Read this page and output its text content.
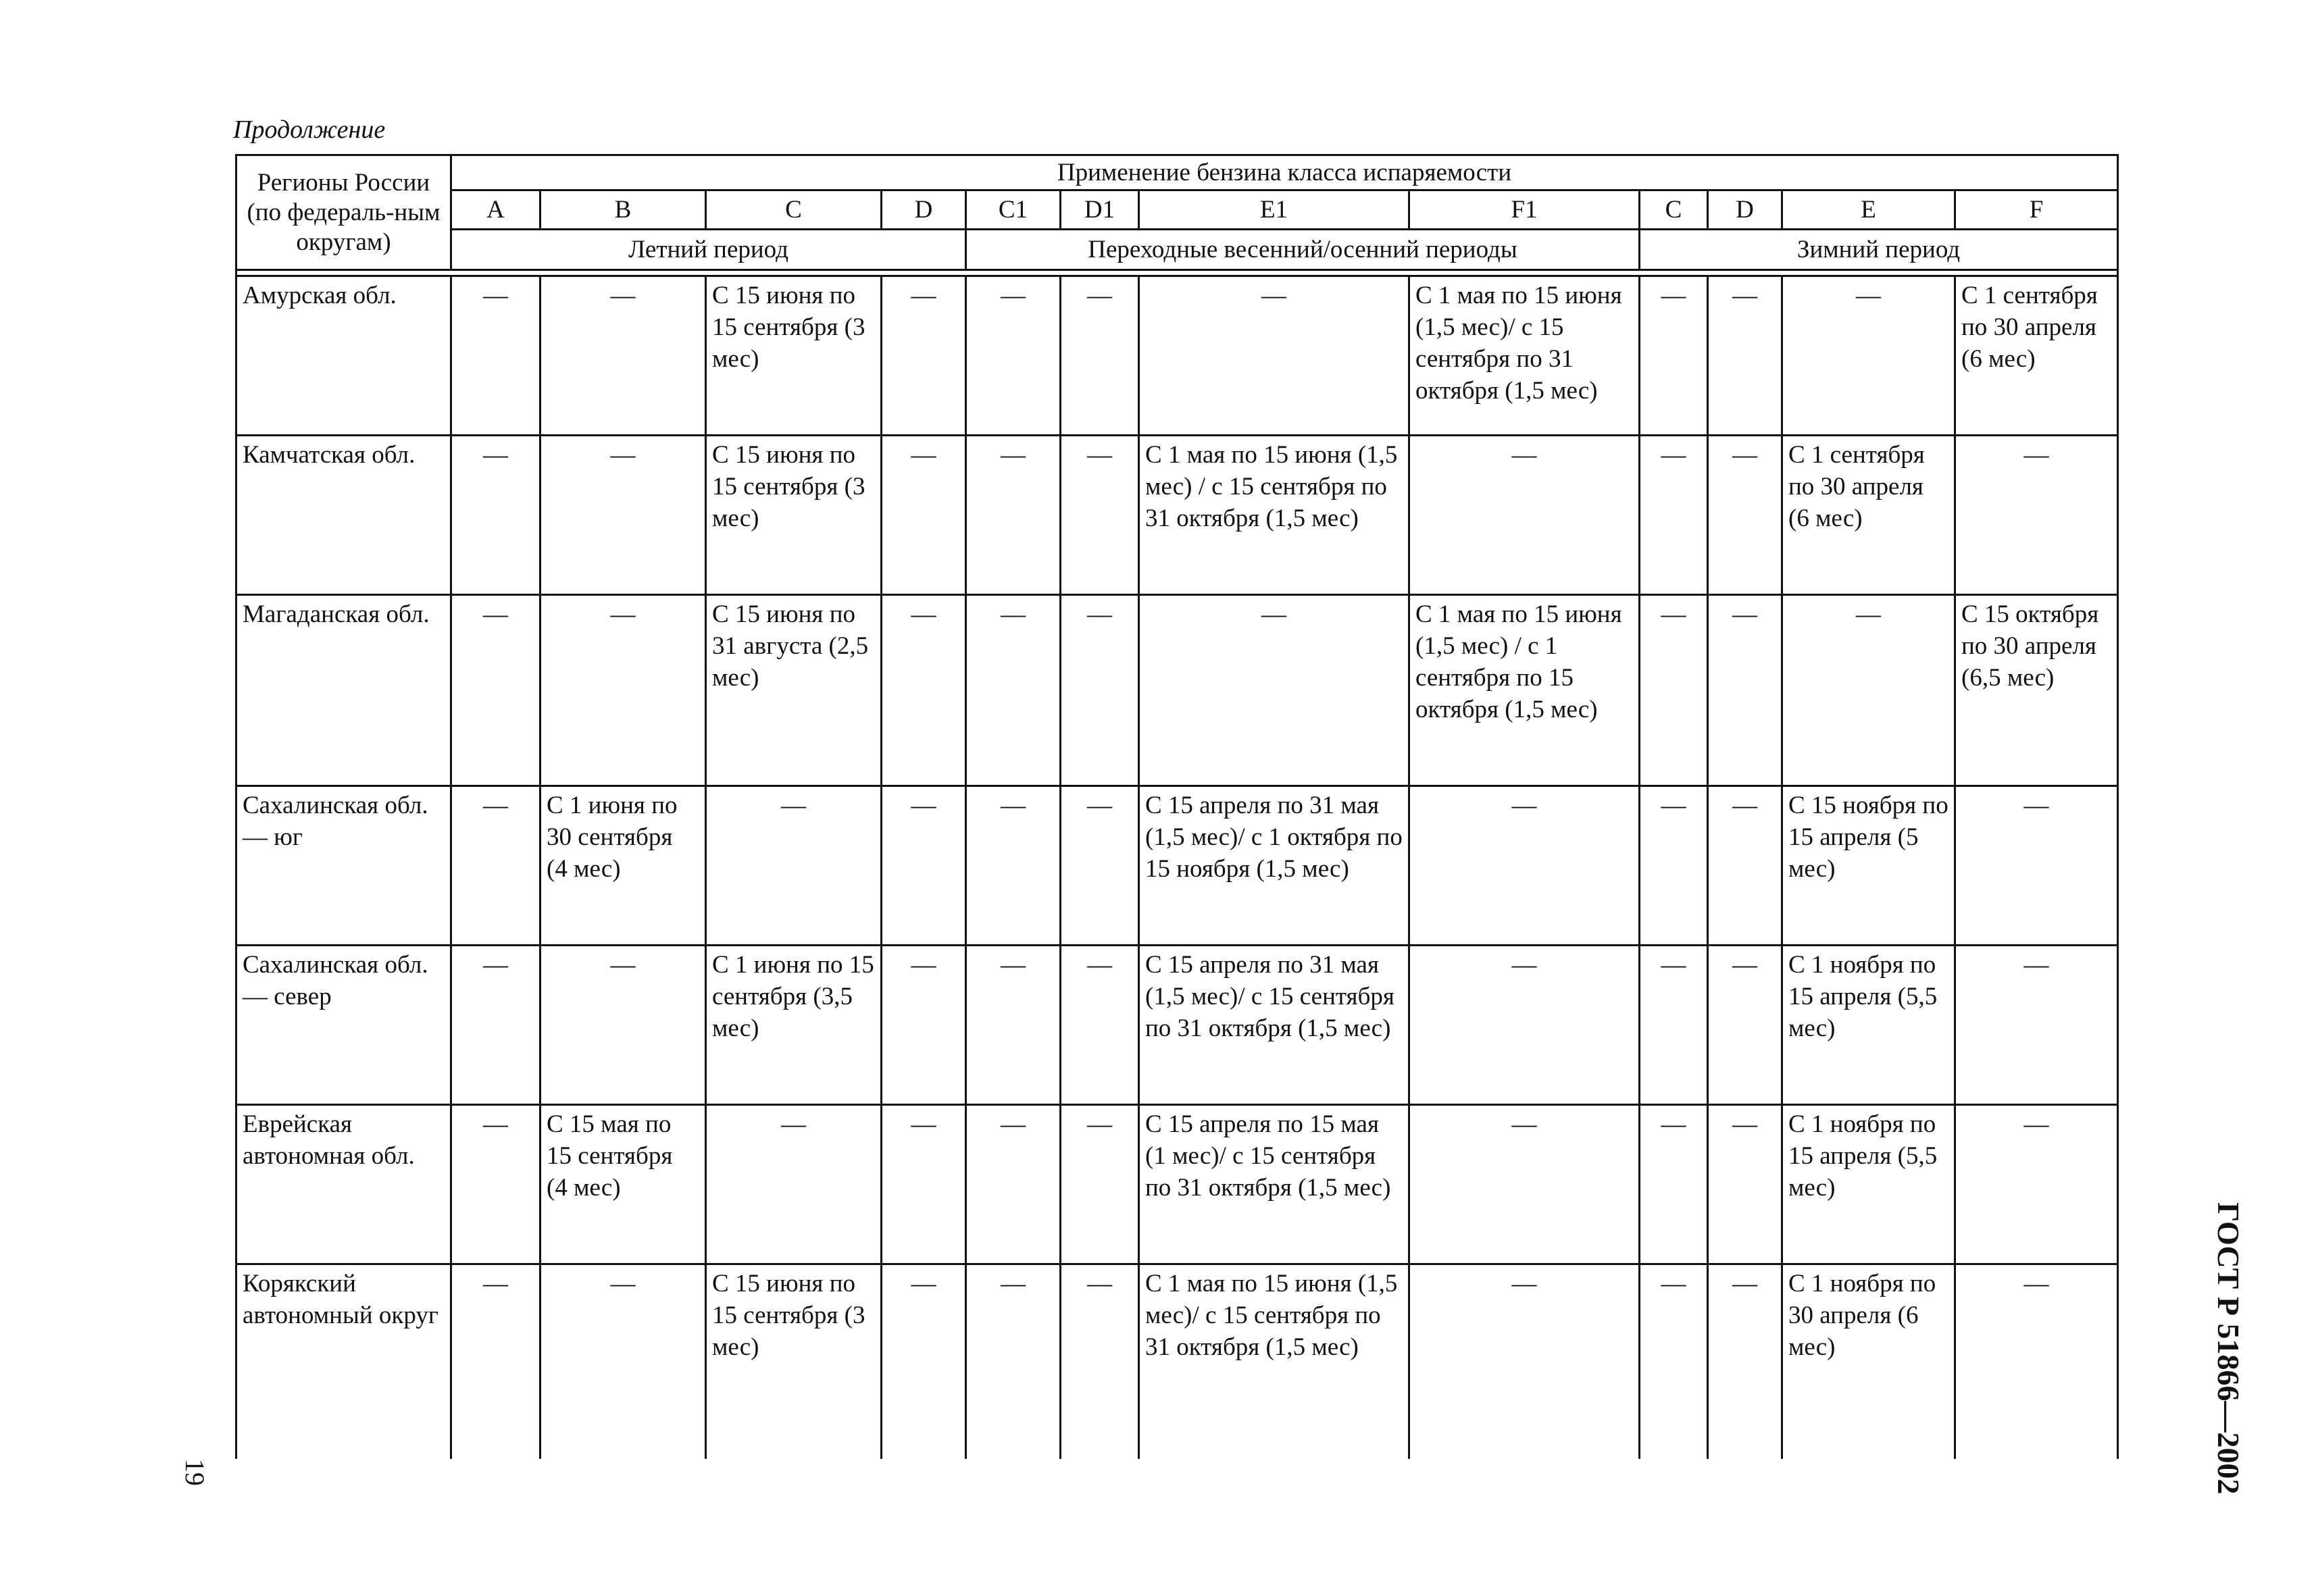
Продолжение
Регионы России (по федераль-ным округам)	Применение бензина класса испаряемости											
	A	B	C	D	C1	D1	E1	F1	C	D	E	F
	Летний период				Переходные весенний/осенний периоды				Зимний период			

Амурская обл.	—	—	С 15 июня по 15 сентября (3 мес)	—	—	—	—	С 1 мая по 15 июня (1,5 мес)/ с 15 сентября по 31 октября (1,5 мес)	—	—	—	С 1 сентября по 30 апреля (6 мес)
Камчатская обл.	—	—	С 15 июня по 15 сентября (3 мес)	—	—	—	С 1 мая по 15 июня (1,5 мес) / с 15 сентября по 31 октября (1,5 мес)	—	—	—	С 1 сентября по 30 апреля (6 мес)	—
Магаданская обл.	—	—	С 15 июня по 31 августа (2,5 мес)	—	—	—	—	С 1 мая по 15 июня (1,5 мес) / с 1 сентября по 15 октября (1,5 мес)	—	—	—	С 15 октября по 30 апреля (6,5 мес)
Сахалинская обл. — юг	—	С 1 июня по 30 сентября (4 мес)	—	—	—	—	С 15 апреля по 31 мая (1,5 мес)/ с 1 октября по 15 ноября (1,5 мес)	—	—	—	С 15 ноября по 15 апреля (5 мес)	—
Сахалинская обл. — север	—	—	С 1 июня по 15 сентября (3,5 мес)	—	—	—	С 15 апреля по 31 мая (1,5 мес)/ с 15 сентября по 31 октября (1,5 мес)	—	—	—	С 1 ноября по 15 апреля (5,5 мес)	—
Еврейская автономная обл.	—	С 15 мая по 15 сентября (4 мес)	—	—	—	—	С 15 апреля по 15 мая (1 мес)/ с 15 сентября по 31 октября (1,5 мес)	—	—	—	С 1 ноября по 15 апреля (5,5 мес)	—
Корякский автономный округ	—	—	С 15 июня по 15 сентября (3 мес)	—	—	—	С 1 мая по 15 июня (1,5 мес)/ с 15 сентября по 31 октября (1,5 мес)	—	—	—	С 1 ноября по 30 апреля (6 мес)	—	ГОСТ Р 51866—2002
19
